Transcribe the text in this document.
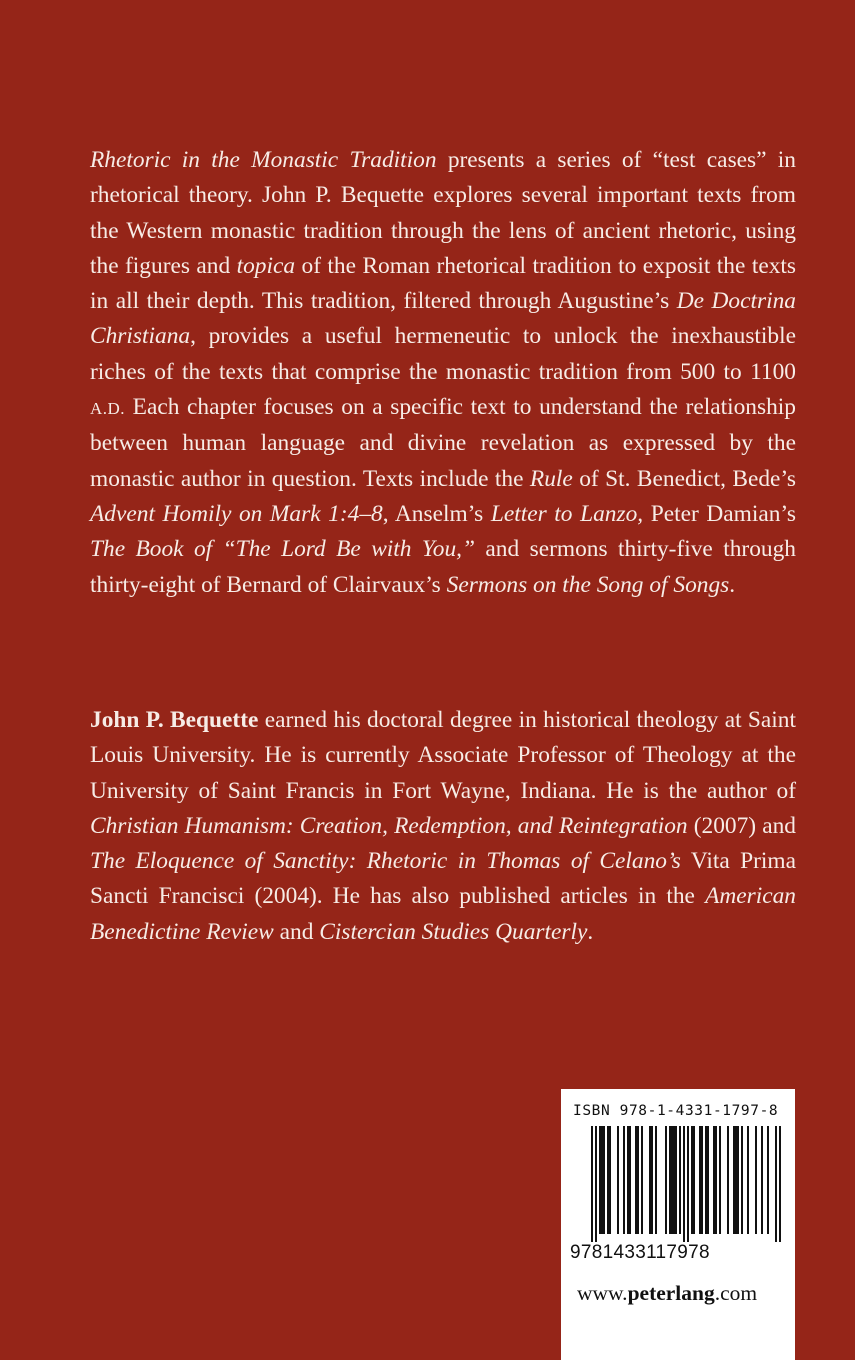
Rhetoric in the Monastic Tradition presents a series of “test cases” in rhetorical theory. John P. Bequette explores several important texts from the Western monastic tradition through the lens of ancient rhetoric, using the figures and topica of the Roman rhetorical tradition to exposit the texts in all their depth. This tradition, filtered through Augustine’s De Doctrina Christiana, provides a useful hermeneutic to unlock the inexhaustible riches of the texts that comprise the monastic tradition from 500 to 1100 A.D. Each chapter focuses on a specific text to understand the relationship between human language and divine revelation as expressed by the monastic author in question. Texts include the Rule of St. Benedict, Bede’s Advent Homily on Mark 1:4–8, Anselm’s Letter to Lanzo, Peter Damian’s The Book of “The Lord Be with You,” and sermons thirty-five through thirty-eight of Bernard of Clairvaux’s Sermons on the Song of Songs.

John P. Bequette earned his doctoral degree in historical theology at Saint Louis University. He is currently Associate Professor of Theology at the University of Saint Francis in Fort Wayne, Indiana. He is the author of Christian Humanism: Creation, Redemption, and Reintegration (2007) and The Eloquence of Sanctity: Rhetoric in Thomas of Celano’s Vita Prima Sancti Francisci (2004). He has also published articles in the American Benedictine Review and Cistercian Studies Quarterly.

ISBN 978-1-4331-1797-8
9781433117978
www.peterlang.com
